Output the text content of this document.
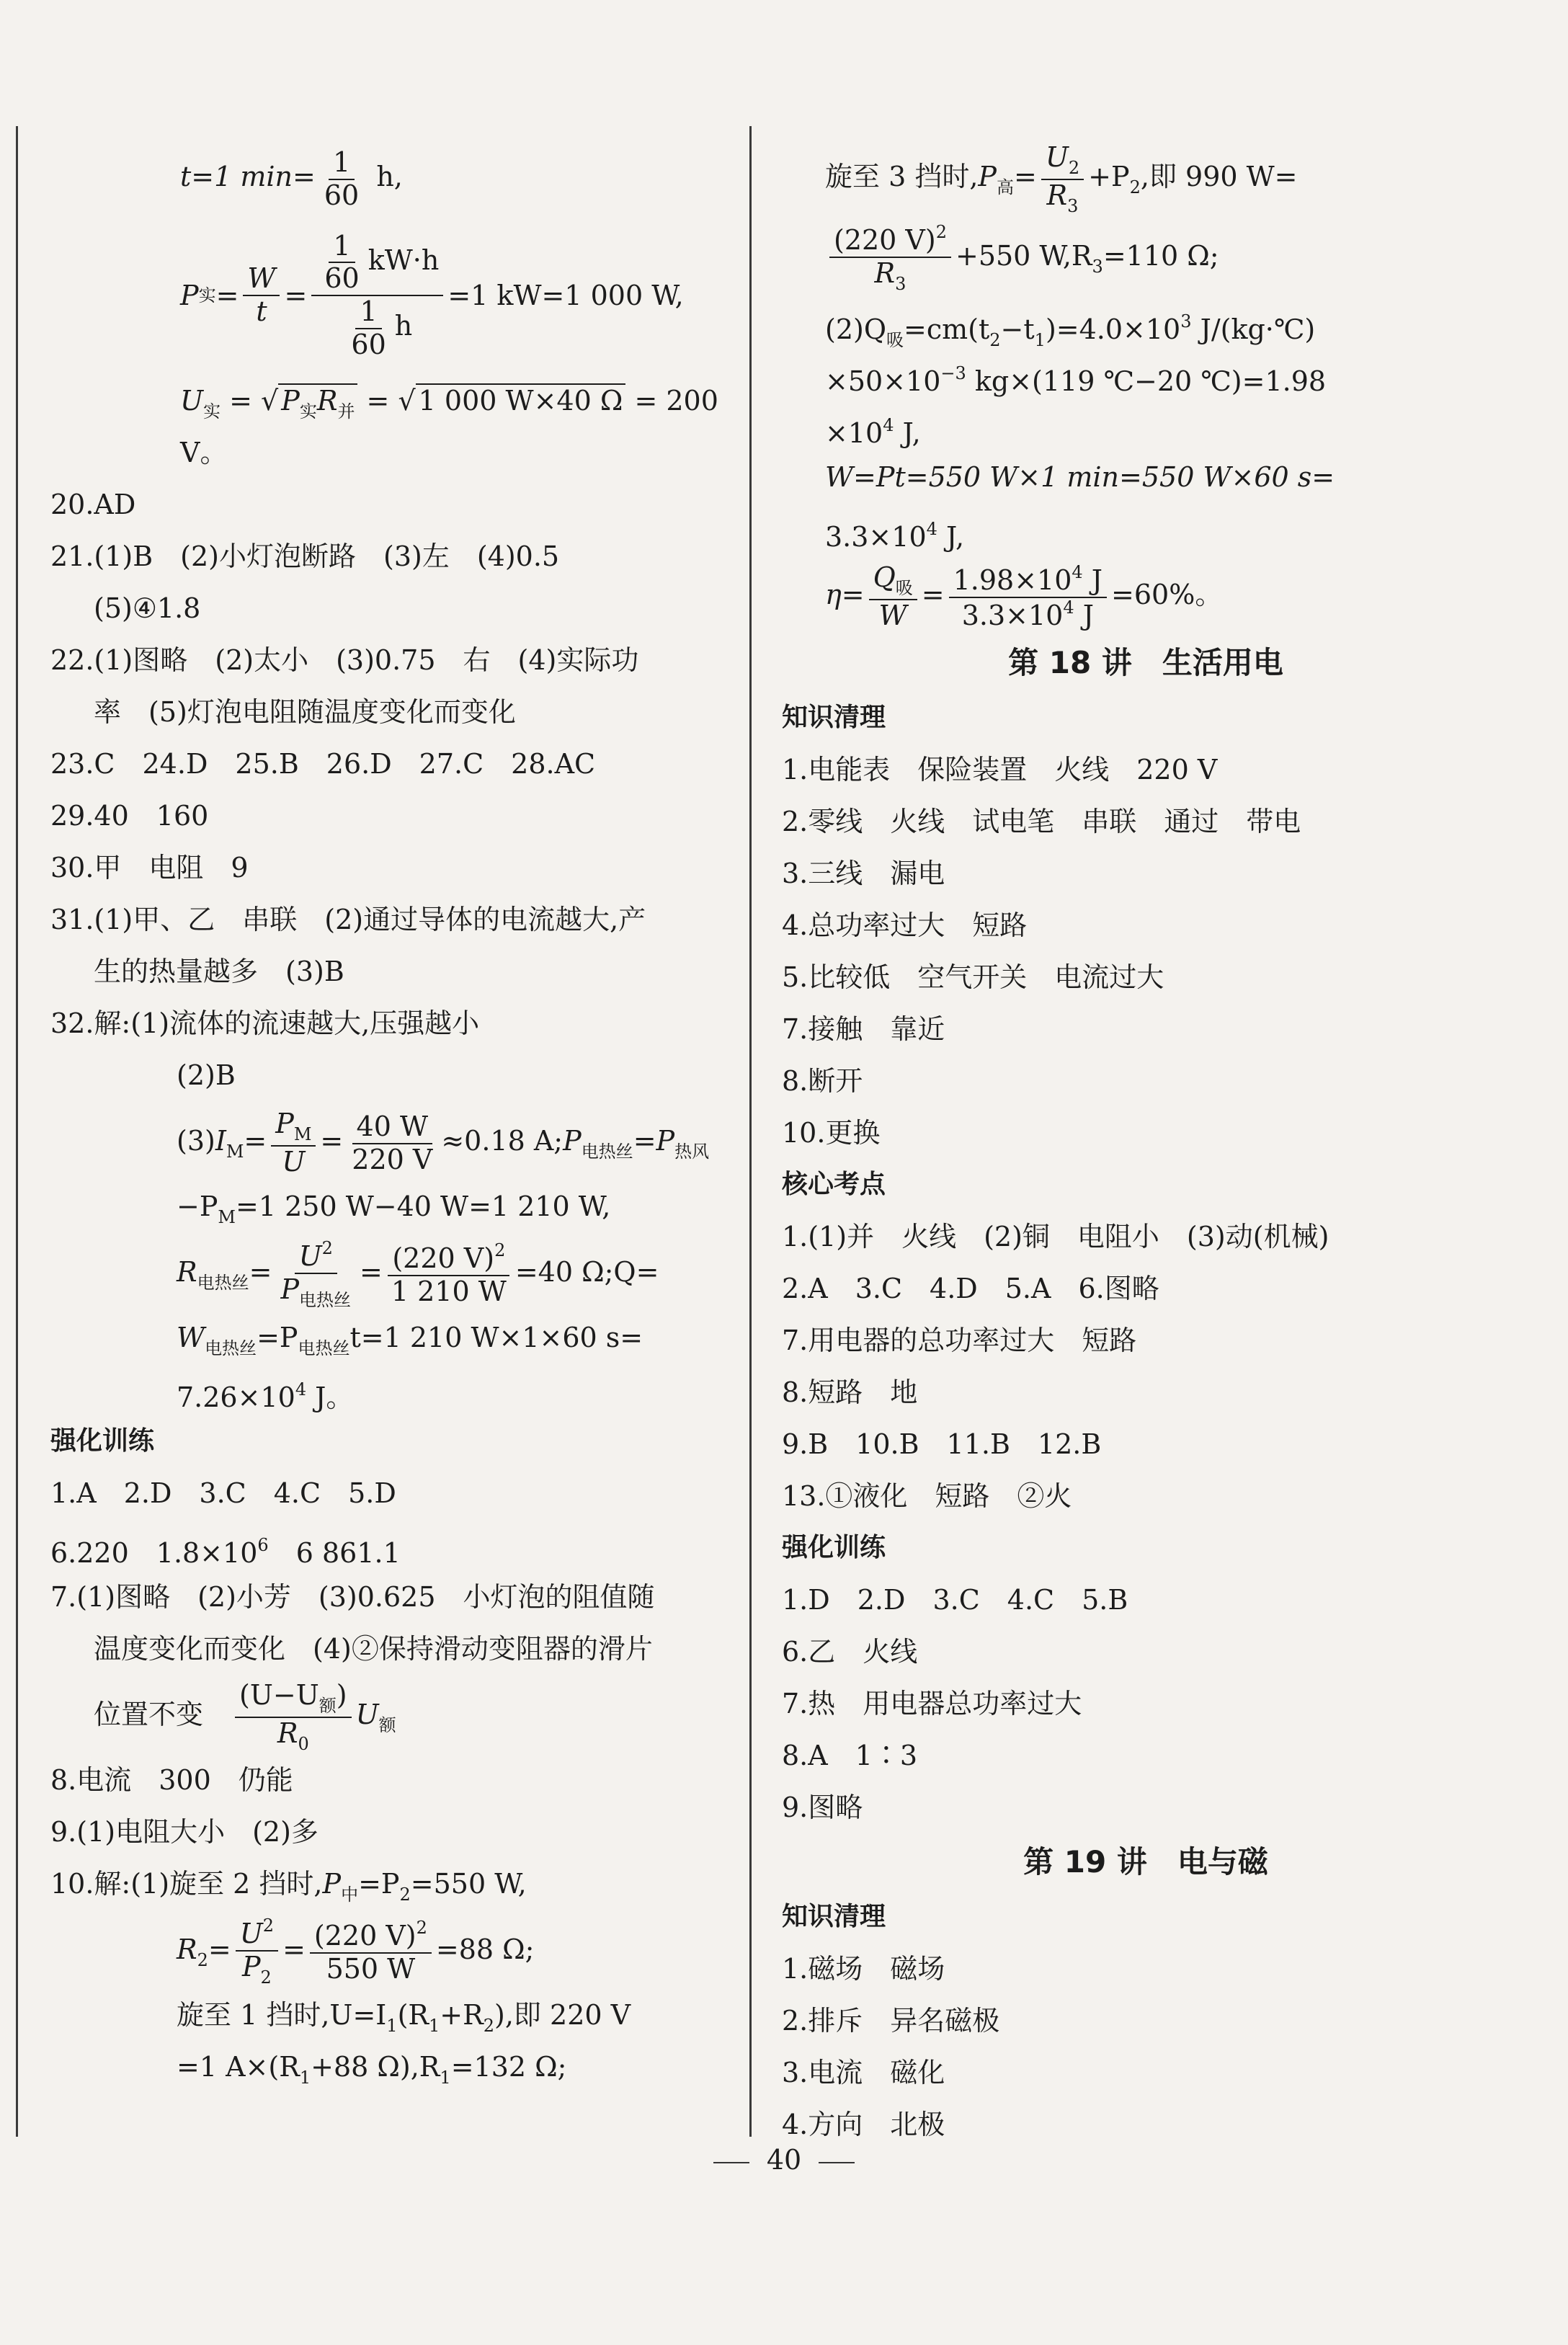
t=1 $\min= \frac{1}{60} h$,
P 实 = $\frac{W}{t} = \frac{\frac{1}{60} kW\cdot h}{\frac{1}{60} h} =1$ kW=1 000 W,
$U_实$ = √ $P_实R_并$ = √ 1 000 W×40 Ω = 200
V。
20.AD
21.(1)B　(2)小灯泡断路　(3)左　(4)0.5
(5)④1.8
22.(1)图略　(2)太小　(3)0.75　右　(4)实际功
率　(5)灯泡电阻随温度变化而变化
23.C　24.D　25.B　26.D　27.C　28.AC
29.40　160
30.甲　电阻　9
31.(1)甲、乙　串联　(2)通过导体的电流越大,产
生的热量越多　(3)B
32.解:(1)流体的流速越大,压强越小
(2)B
$(3)I_M= \frac{P_M}{U} = \frac{40 W}{220 V} \approx 0.18$ $A;P_{电热丝}=P_{热风}$
$-P_M=1$ 250 W−40 W=1 210 W,
$R_{电热丝}= \frac{U^2}{P_{电热丝}} = \frac{(220 V)^2}{1 210 W} =40$ Ω;Q=
$W_{电热丝}=P_{电热丝}t=1$ 210 W×1×60 s=
$7.26\times 10^4$ J。
强化训练
1.A　2.D　3.C　4.C　5.D
6.220　$1.8\times 10^6$　6 861.1
7.(1)图略　(2)小芳　(3)0.625　小灯泡的阻值随
温度变化而变化　(4)②保持滑动变阻器的滑片
位置不变　 $\frac{(U-U_额)}{R_0} U_额$
8.电流　300　仍能
9.(1)电阻大小　(2)多
10.解:(1)旋至 2 挡时$,P_中=P_2=550$ W,
$R_2= \frac{U^2}{P_2} = \frac{(220 V)^2}{550 W} =88$ Ω;
旋至 1 挡时$,U=I_1(R_1+R_2)$,即 220 V
=1 $A\times(R_1+88$ $\Omega),R_1=132$ Ω;
旋至 3 挡时$,P_高= \frac{U_2}{R_3} +P_2$,即 990 W=
$\frac{(220 V)^2}{R_3} +550$ $W,R_3=110$ Ω;
$(2)Q_吸=cm(t_2-t_1)=4.0\times 10^3$ J/(kg·℃)
$\times 50\times 10^{-3}$ kg×(119 ℃−20 ℃)=1.98
$\times 10^4$ J,
W=Pt=550 W×1 min=550 W×60 s=
$3.3\times 10^4$ J,
$\eta= \frac{Q_吸}{W} = \frac{1.98\times 10^4 J}{3.3\times 10^4 J} =60\%$。
第 18 讲　生活用电
知识清理
1.电能表　保险装置　火线　220 V
2.零线　火线　试电笔　串联　通过　带电
3.三线　漏电
4.总功率过大　短路
5.比较低　空气开关　电流过大
7.接触　靠近
8.断开
10.更换
核心考点
1.(1)并　火线　(2)铜　电阻小　(3)动(机械)
2.A　3.C　4.D　5.A　6.图略
7.用电器的总功率过大　短路
8.短路　地
9.B　10.B　11.B　12.B
13.①液化　短路　②火
强化训练
1.D　2.D　3.C　4.C　5.B
6.乙　火线
7.热　用电器总功率过大
8.A　1∶3
9.图略
第 19 讲　电与磁
知识清理
1.磁场　磁场
2.排斥　异名磁极
3.电流　磁化
4.方向　北极
40
